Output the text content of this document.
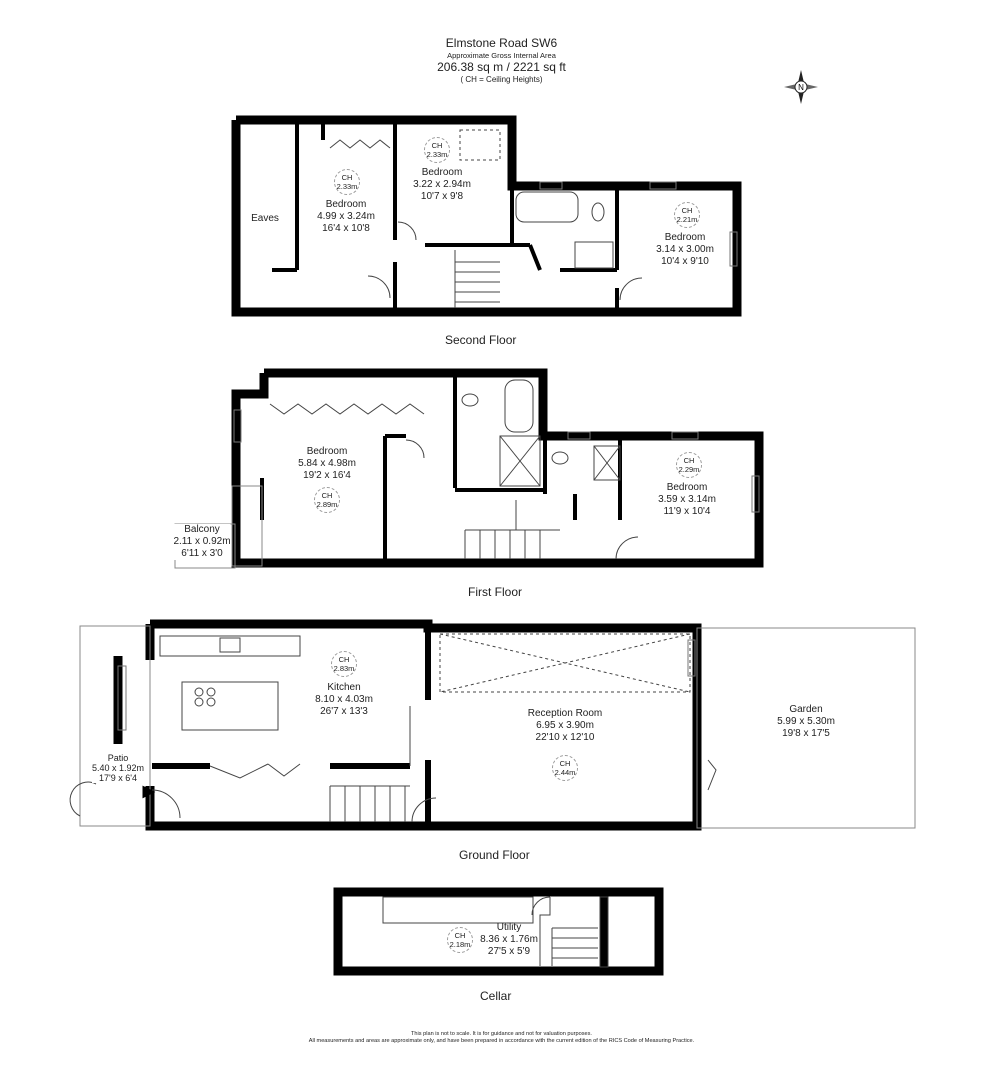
N
Elmstone Road SW6
Approximate Gross Internal Area
206.38 sq m / 2221 sq ft
( CH = Ceiling Heights)
Eaves
CH
2.33m
Bedroom
4.99 x 3.24m
16'4 x 10'8
CH
2.33m
Bedroom
3.22 x 2.94m
10'7 x 9'8
CH
2.21m
Bedroom
3.14 x 3.00m
10'4 x 9'10
Second Floor
Bedroom
5.84 x 4.98m
19'2 x 16'4
CH
2.89m
CH
2.29m
Bedroom
3.59 x 3.14m
11'9 x 10'4
Balcony
2.11 x 0.92m
6'11 x 3'0
First Floor
CH
2.83m
Kitchen
8.10 x 4.03m
26'7 x 13'3	Reception Room
6.95 x 3.90m
22'10 x 12'10
CH
2.44m
Garden
5.99 x 5.30m
19'8 x 17'5
Patio
5.40 x 1.92m
17'9 x 6'4
Ground Floor
CH
2.18m
Utility
8.36 x 1.76m
27'5 x 5'9
Cellar
This plan is not to scale. It is for guidance and not for valuation purposes.
All measurements and areas are approximate only, and have been prepared in accordance with the current edition of the RICS Code of Measuring Practice.
